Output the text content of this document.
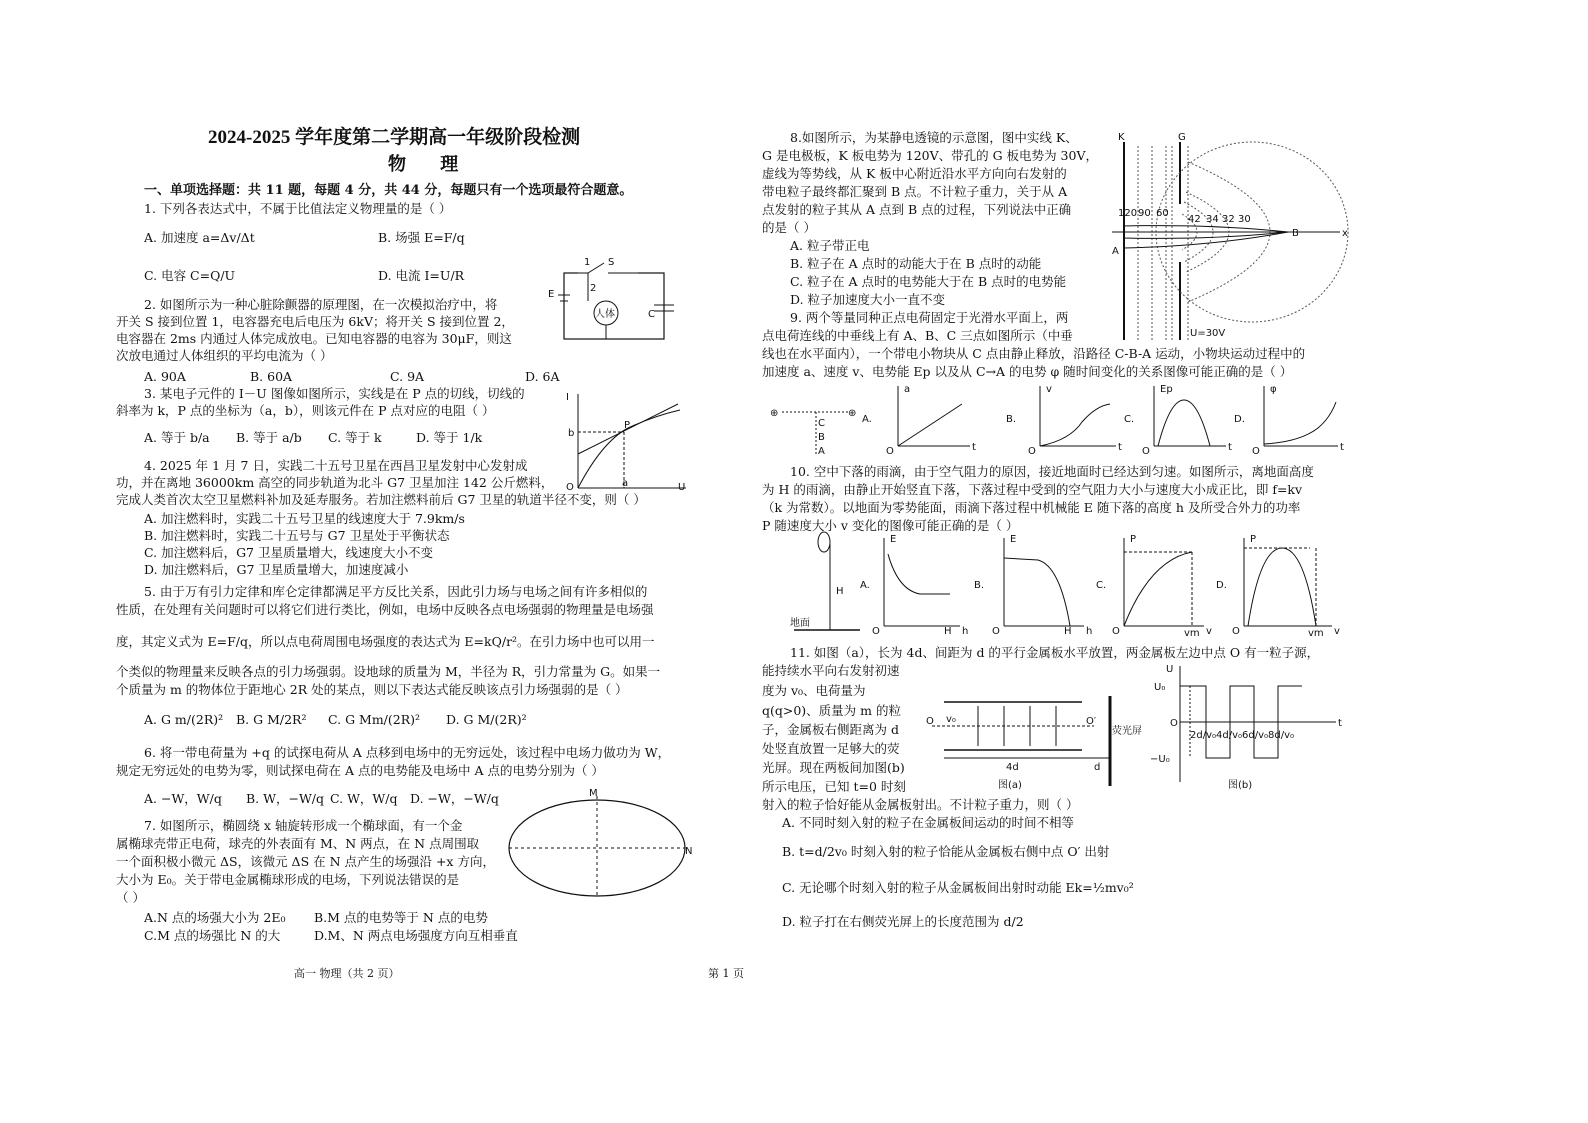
2024-2025 学年度第二学期高一年级阶段检测
物 理
一、单项选择题：共 11 题，每题 4 分，共 44 分，每题只有一个选项最符合题意。
1. 下列各表达式中，不属于比值法定义物理量的是（ ）
A. 加速度 a=Δv/Δt	B. 场强 E=F/q
C. 电容 C=Q/U	D. 电流 I=U/R
2. 如图所示为一种心脏除颤器的原理图，在一次模拟治疗中，将
开关 S 接到位置 1，电容器充电后电压为 6kV；将开关 S 接到位置 2，
电容器在 2ms 内通过人体完成放电。已知电容器的电容为 30μF，则这
次放电通过人体组织的平均电流为（ ）
A. 90A	B. 60A	C. 9A	D. 6A
1 S
2
E
人体	C
3. 某电子元件的 I－U 图像如图所示，实线是在 P 点的切线，切线的
斜率为 k，P 点的坐标为（a，b），则该元件在 P 点对应的电阻（ ）
A. 等于 b/a B. 等于 a/b C. 等于 k	D. 等于 1/k
I
U
P
a
b
O
4. 2025 年 1 月 7 日，实践二十五号卫星在西昌卫星发射中心发射成
功，并在离地 36000km 高空的同步轨道为北斗 G7 卫星加注 142 公斤燃料，
完成人类首次太空卫星燃料补加及延寿服务。若加注燃料前后 G7 卫星的轨道半径不变，则（ ）
A. 加注燃料时，实践二十五号卫星的线速度大于 7.9km/s
B. 加注燃料时，实践二十五号与 G7 卫星处于平衡状态
C. 加注燃料后，G7 卫星质量增大，线速度大小不变
D. 加注燃料后，G7 卫星质量增大，加速度减小
5. 由于万有引力定律和库仑定律都满足平方反比关系，因此引力场与电场之间有许多相似的
性质，在处理有关问题时可以将它们进行类比，例如，电场中反映各点电场强弱的物理量是电场强
度，其定义式为 E=F/q，所以点电荷周围电场强度的表达式为 E=kQ/r²。在引力场中也可以用一
个类似的物理量来反映各点的引力场强弱。设地球的质量为 M，半径为 R，引力常量为 G。如果一
个质量为 m 的物体位于距地心 2R 处的某点，则以下表达式能反映该点引力场强弱的是（ ）
A. G m/(2R)² B. G M/2R² C. G Mm/(2R)² D. G M/(2R)²
6. 将一带电荷量为 +q 的试探电荷从 A 点移到电场中的无穷远处，该过程中电场力做功为 W，
规定无穷远处的电势为零，则试探电荷在 A 点的电势能及电场中 A 点的电势分别为（ ）
A. −W，W/q B. W，−W/q C. W，W/q D. −W，−W/q
7. 如图所示，椭圆绕 x 轴旋转形成一个椭球面，有一个金
属椭球壳带正电荷，球壳的外表面有 M、N 两点，在 N 点周围取
一个面积极小微元 ΔS，该微元 ΔS 在 N 点产生的场强沿 +x 方向，
大小为 E₀。关于带电金属椭球形成的电场，下列说法错误的是
（ ）
A.N 点的场强大小为 2E₀ B.M 点的电势等于 N 点的电势
C.M 点的场强比 N 的大	D.M、N 两点电场强度方向互相垂直
M
N
8.如图所示，为某静电透镜的示意图，图中实线 K、
G 是电极板，K 板电势为 120V、带孔的 G 板电势为 30V，
虚线为等势线，从 K 板中心附近沿水平方向向右发射的
带电粒子最终都汇聚到 B 点。不计粒子重力，关于从 A
点发射的粒子其从 A 点到 B 点的过程，下列说法中正确
的是（ ）
A. 粒子带正电
B. 粒子在 A 点时的动能大于在 B 点时的动能
C. 粒子在 A 点时的电势能大于在 B 点时的电势能
D. 粒子加速度大小一直不变
K	G
120 90 60
42 34 32 30
A
B	x
U=30V
9. 两个等量同种正点电荷固定于光滑水平面上，两
点电荷连线的中垂线上有 A、B、C 三点如图所示（中垂
线也在水平面内），一个带电小物块从 C 点由静止释放，沿路径 C-B-A 运动，小物块运动过程中的
加速度 a、速度 v、电势能 Ep 以及从 C→A 的电势 φ 随时间变化的关系图像可能正确的是（ ）
⊕	⊕
C
B
A
A.
a
O	t
B.
v
O	t
C.
Ep
O	t
D.
φ
O	t
10. 空中下落的雨滴，由于空气阻力的原因，接近地面时已经达到匀速。如图所示，离地面高度
为 H 的雨滴，由静止开始竖直下落，下落过程中受到的空气阻力大小与速度大小成正比，即 f=kv
（k 为常数）。以地面为零势能面，雨滴下落过程中机械能 E 随下落的高度 h 及所受合外力的功率
P 随速度大小 v 变化的图像可能正确的是（ ）
H
地面
A.
E
O	H h
B.
E
O	H h
C.
P
O	vm v
D.
P
O	vm v
11. 如图（a），长为 4d、间距为 d 的平行金属板水平放置，两金属板左边中点 O 有一粒子源，
能持续水平向右发射初速
度为 v₀、电荷量为
q(q>0)、质量为 m 的粒
子，金属板右侧距离为 d
处竖直放置一足够大的荧
光屏。现在两板间加图(b)
所示电压，已知 t=0 时刻
射入的粒子恰好能从金属板射出。不计粒子重力，则（ ）
A. 不同时刻入射的粒子在金属板间运动的时间不相等
B. t=d/2v₀ 时刻入射的粒子恰能从金属板右侧中点 O′ 出射
C. 无论哪个时刻入射的粒子从金属板间出射时动能 Ek=½mv₀²
D. 粒子打在右侧荧光屏上的长度范围为 d/2
O v₀	O′
4d	d
荧光屏
图(a)
U
U₀
−U₀
O	t
2d/v₀ 4d/v₀ 6d/v₀ 8d/v₀
图(b)
高一 物理（共 2 页）	第 1 页
